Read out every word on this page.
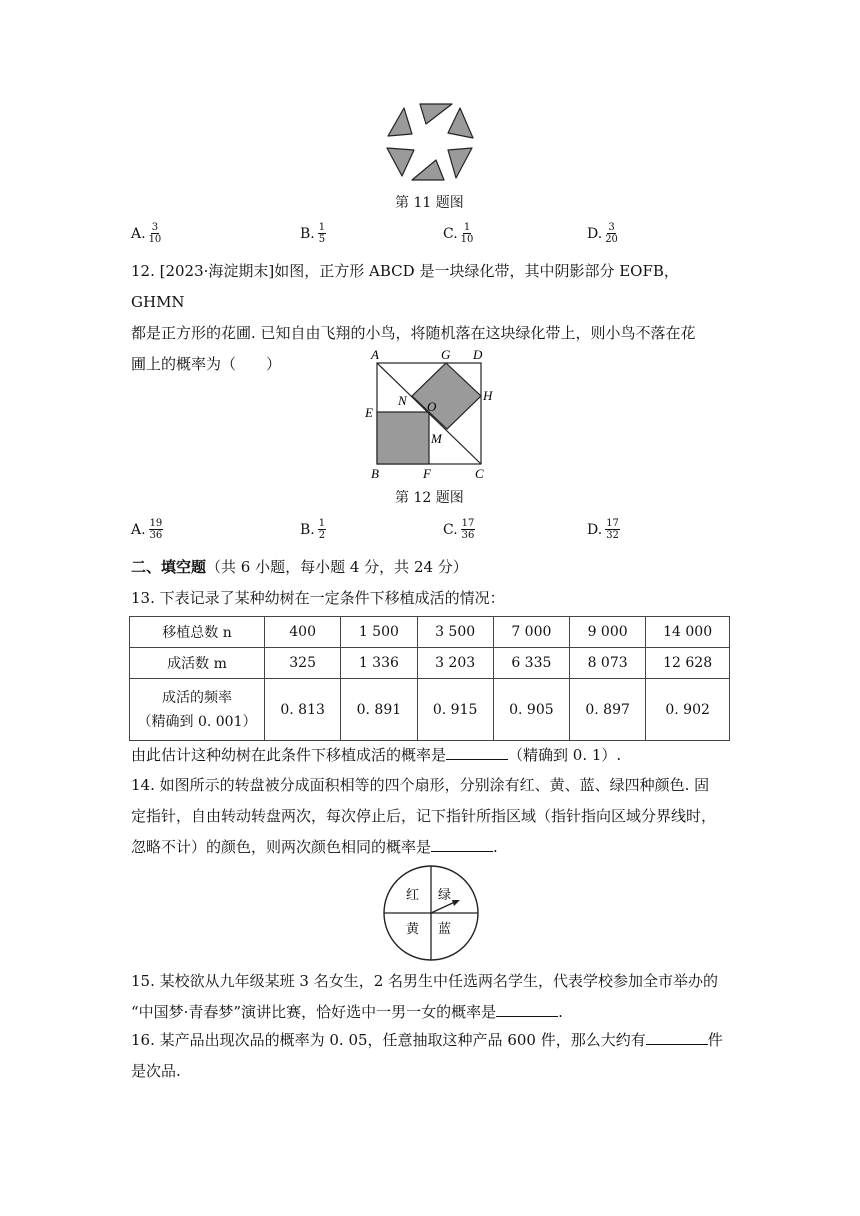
第 11 题图
A. $\frac{3}{10}$	B. $\frac{1}{5}$	C. $\frac{1}{10}$	D. $\frac{3}{20}$
12. [2023·海淀期末]如图，正方形 ABCD 是一块绿化带，其中阴影部分 EOFB，GHMN
都是正方形的花圃. 已知自由飞翔的小鸟，将随机落在这块绿化带上，则小鸟不落在花
圃上的概率为（　　）
A	G D
H
N O
E
M
B	F	C
第 12 题图
A. $\frac{19}{36}$	B. $\frac{1}{2}$	C. $\frac{17}{36}$	D. $\frac{17}{32}$
二、填空题（共 6 小题，每小题 4 分，共 24 分）
13. 下表记录了某种幼树在一定条件下移植成活的情况：
移植总数 n	400	1 500	3 500	7 000	9 000	14 000
成活数 m	325	1 336	3 203	6 335	8 073	12 628

成活的频率
（精确到 0. 001）	0. 813	0. 891	0. 915	0. 905	0. 897	0. 902
由此估计这种幼树在此条件下移植成活的概率是	（精确到 0. 1）.
14. 如图所示的转盘被分成面积相等的四个扇形，分别涂有红、黄、蓝、绿四种颜色. 固
定指针，自由转动转盘两次，每次停止后，记下指针所指区域（指针指向区域分界线时，
忽略不计）的颜色，则两次颜色相同的概率是	.
红 绿
黄 蓝
15. 某校欲从九年级某班 3 名女生，2 名男生中任选两名学生，代表学校参加全市举办的
“中国梦·青春梦”演讲比赛，恰好选中一男一女的概率是	.
16. 某产品出现次品的概率为 0. 05，任意抽取这种产品 600 件，那么大约有	件
是次品.
